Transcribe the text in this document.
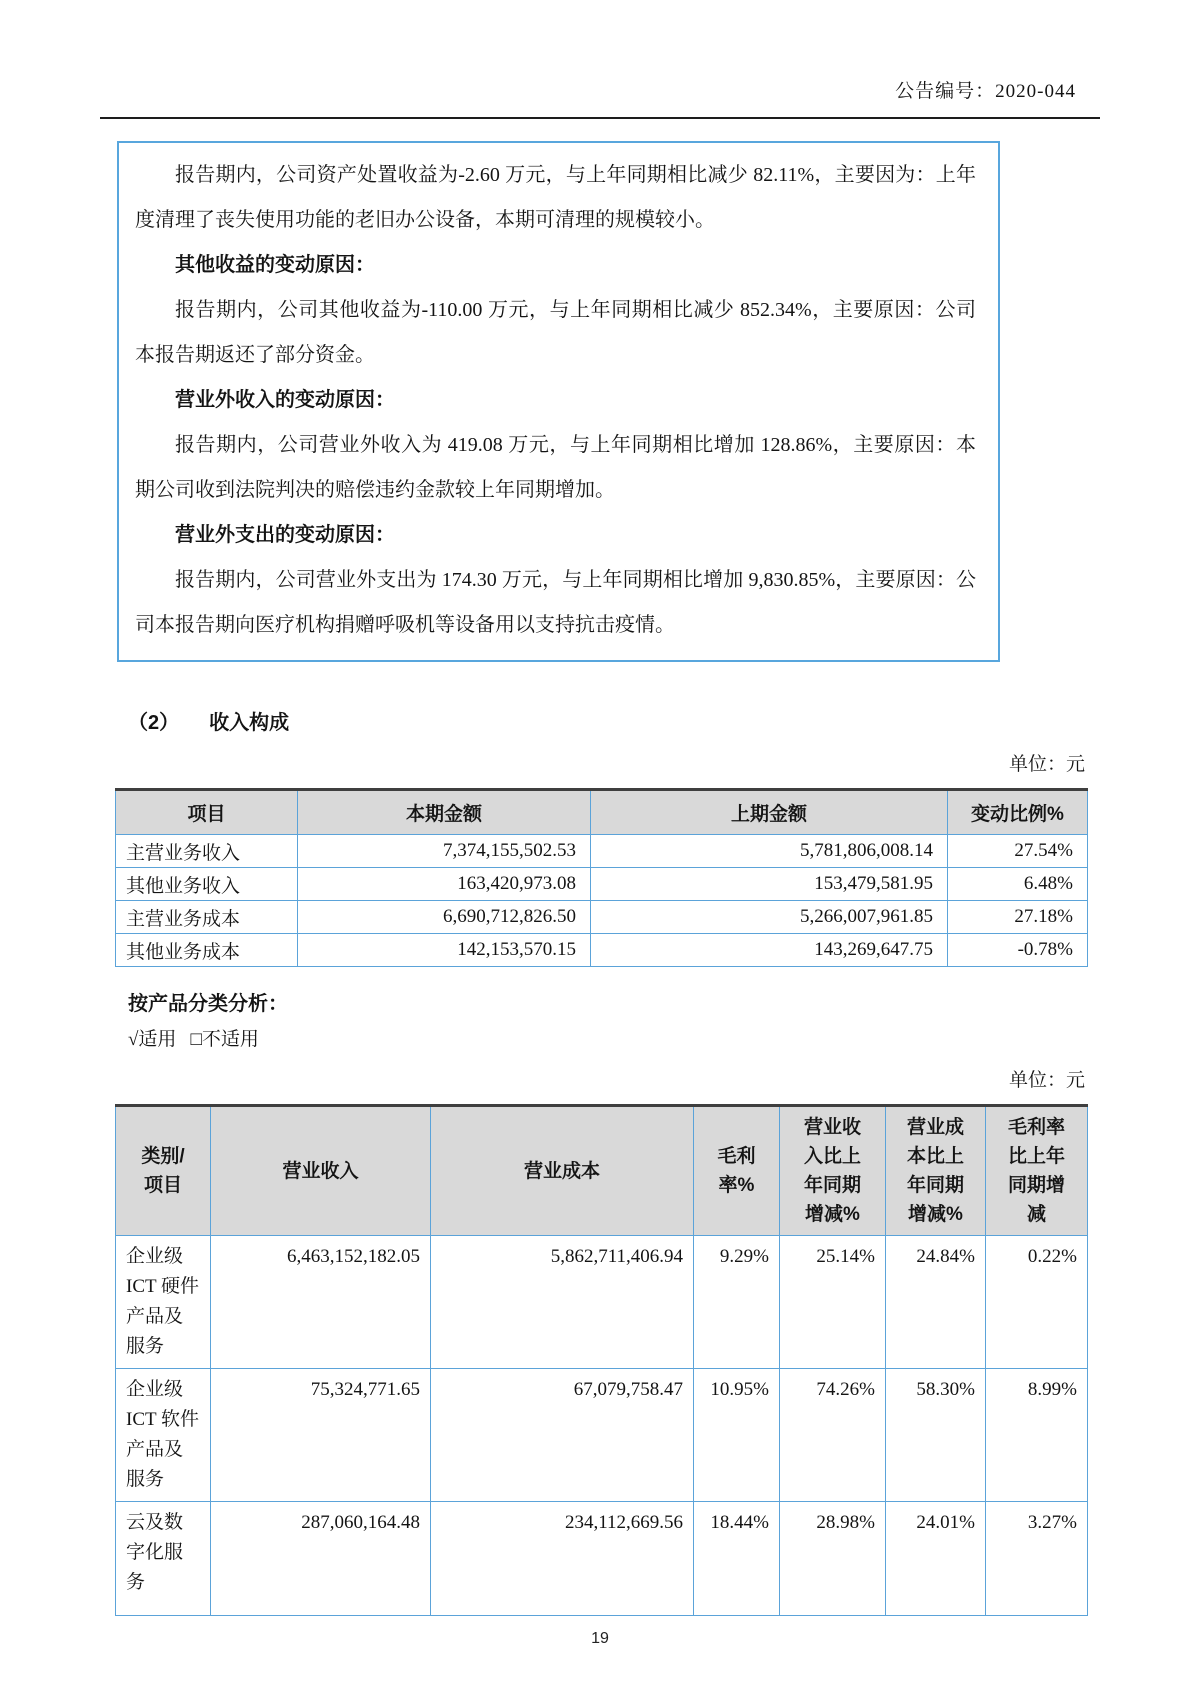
公告编号：2020-044

报告期内，公司资产处置收益为-2.60 万元，与上年同期相比减少 82.11%，主要因为：上年度清理了丧失使用功能的老旧办公设备，本期可清理的规模较小。

其他收益的变动原因：

报告期内，公司其他收益为-110.00 万元，与上年同期相比减少 852.34%，主要原因：公司本报告期返还了部分资金。

营业外收入的变动原因：

报告期内，公司营业外收入为 419.08 万元，与上年同期相比增加 128.86%，主要原因：本期公司收到法院判决的赔偿违约金款较上年同期增加。

营业外支出的变动原因：

报告期内，公司营业外支出为 174.30 万元，与上年同期相比增加 9,830.85%，主要原因：公司本报告期向医疗机构捐赠呼吸机等设备用以支持抗击疫情。

（2） 收入构成
单位：元
项目	本期金额	上期金额	变动比例%
主营业务收入	7,374,155,502.53	5,781,806,008.14	27.54%
其他业务收入	163,420,973.08	153,479,581.95	6.48%
主营业务成本	6,690,712,826.50	5,266,007,961.85	27.18%
其他业务成本	142,153,570.15	143,269,647.75	-0.78%
按产品分类分析：
√适用 □不适用
单位：元
类别/项目	营业收入	营业成本	毛利率%	营业收入比上年同期增减%	营业成本比上年同期增减%	毛利率比上年同期增减
企业级 ICT 硬件产品及服务	6,463,152,182.05	5,862,711,406.94	9.29%	25.14%	24.84%	0.22%
企业级 ICT 软件产品及服务	75,324,771.65	67,079,758.47	10.95%	74.26%	58.30%	8.99%
云及数字化服务	287,060,164.48	234,112,669.56	18.44%	28.98%	24.01%	3.27%
19
